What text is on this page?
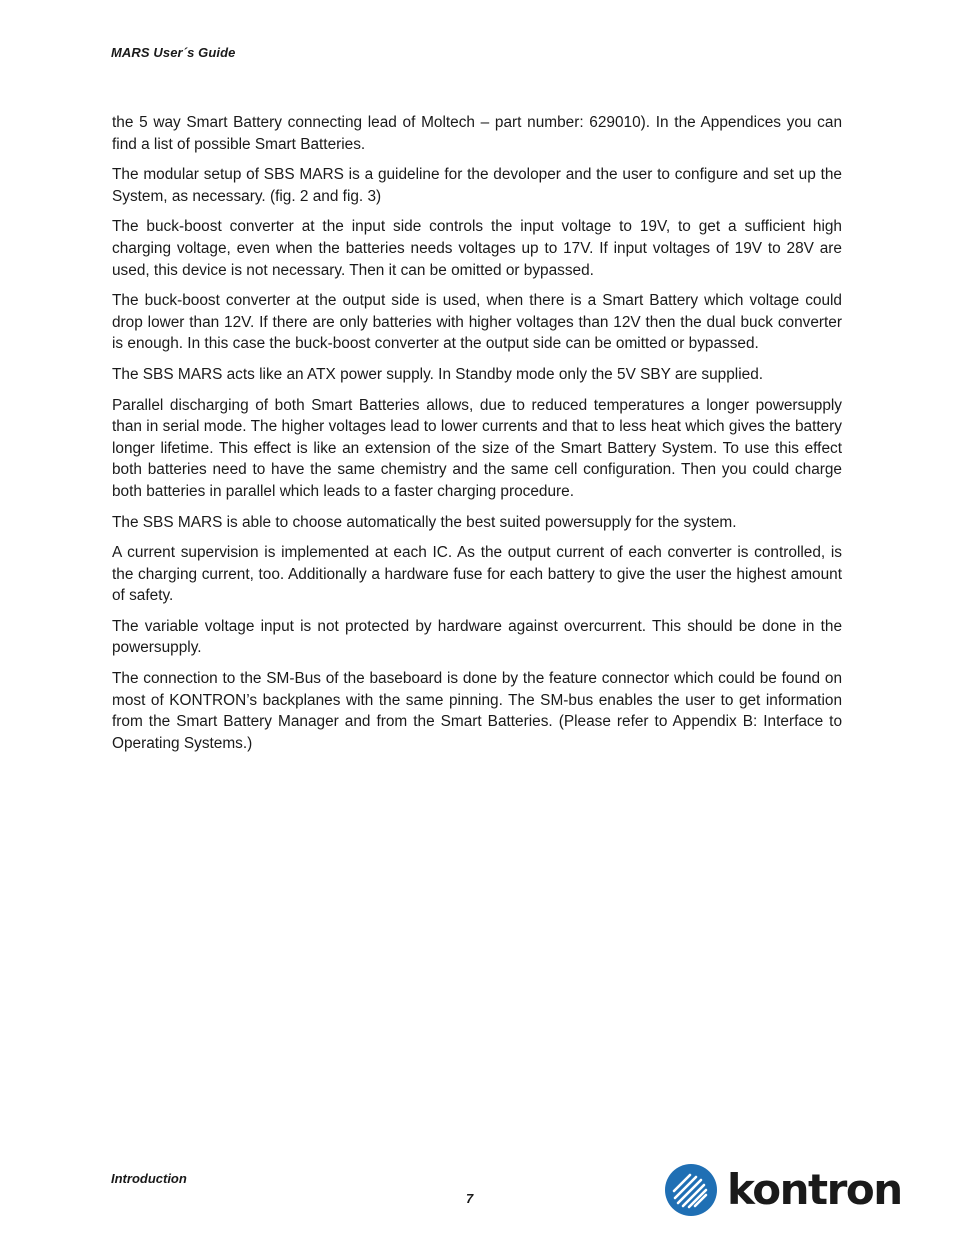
MARS User´s Guide

the 5 way Smart Battery connecting lead of Moltech – part number: 629010). In the Appendices you can find a list of possible Smart Batteries.

The modular setup of SBS MARS is a guideline for the devoloper and the user to configure and set up the System, as necessary. (fig. 2 and fig. 3)

The buck-boost converter at the input side controls the input voltage to 19V, to get a sufficient high charging voltage, even when the batteries needs voltages up to 17V. If input voltages of 19V to 28V are used, this device is not necessary. Then it can be omitted or bypassed.

The buck-boost converter at the output side is used, when there is a Smart Battery which voltage could drop lower than 12V. If there are only batteries with higher voltages than 12V then the dual buck converter is enough. In this case the buck-boost converter at the output side can be omitted or bypassed.

The SBS MARS acts like an ATX power supply. In Standby mode only the 5V SBY are supplied.

Parallel discharging of both Smart Batteries allows, due to reduced temperatures a longer powersupply than in serial mode. The higher voltages lead to lower currents and that to less heat which gives the battery longer lifetime. This effect is like an extension of the size of the Smart Battery System. To use this effect both batteries need to have the same chemistry and the same cell configuration. Then you could charge both batteries in parallel which leads to a faster charging procedure.

The SBS MARS is able to choose automatically the best suited powersupply for the system.

A current supervision is implemented at each IC. As the output current of each converter is controlled, is the charging current, too. Additionally a hardware fuse for each battery to give the user the highest amount of safety.

The variable voltage input is not protected by hardware against overcurrent. This should be done in the powersupply.

The connection to the SM-Bus of the baseboard is done by the feature connector which could be found on most of KONTRON’s backplanes with the same pinning. The SM-bus enables the user to get information from the Smart Battery Manager and from the Smart Batteries. (Please refer to Appendix B: Interface to Operating Systems.)

Introduction
7	kontron
